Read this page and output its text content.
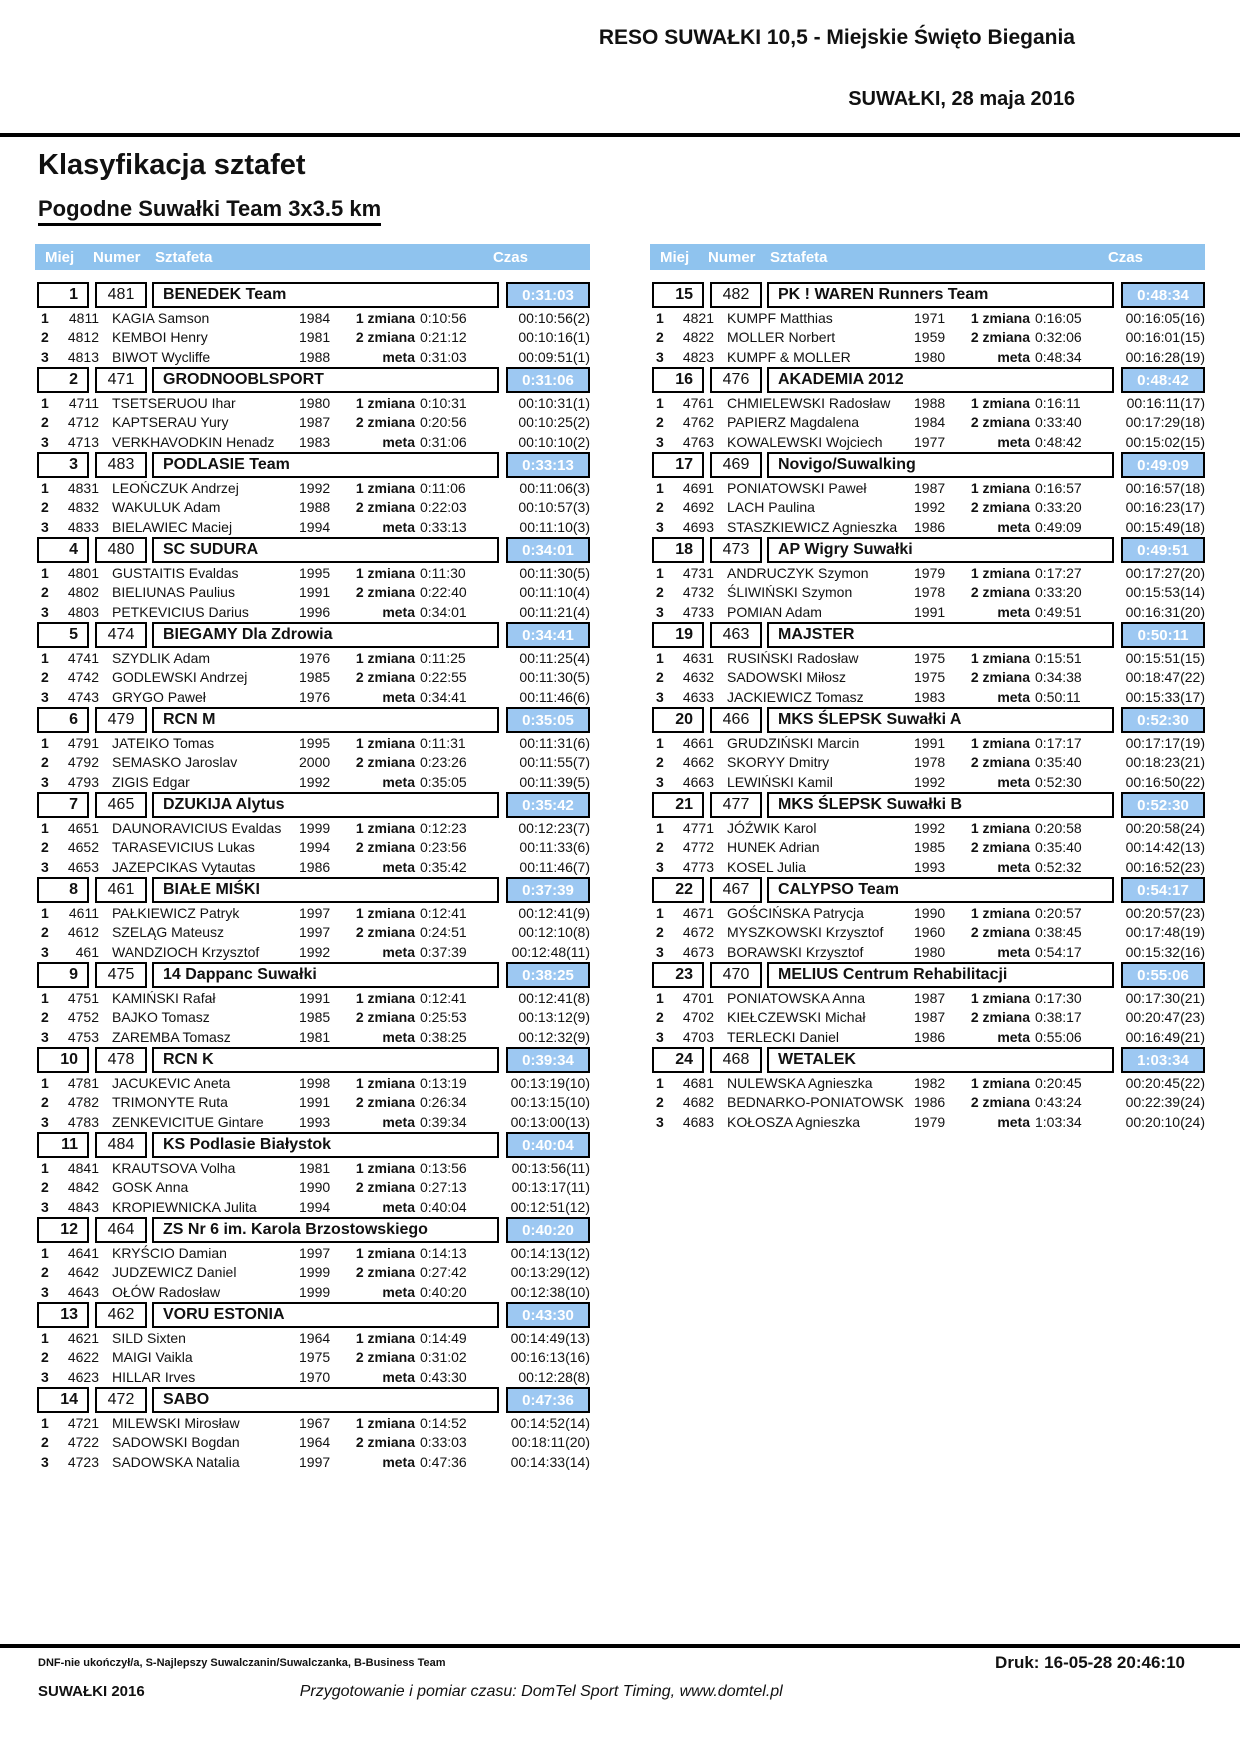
RESO SUWAŁKI 10,5 - Miejskie Święto Biegania
SUWAŁKI, 28 maja 2016
Klasyfikacja sztafet
Pogodne Suwałki Team 3x3.5 km
Miej	Numer Sztafeta	Czas
1	481	BENEDEK Team	0:31:03
1	4811 KAGIA Samson	1984	1 zmiana 0:10:56	00:10:56(2)
2	4812 KEMBOI Henry	1981	2 zmiana 0:21:12	00:10:16(1)
3	4813 BIWOT Wycliffe	1988	meta 0:31:03	00:09:51(1)
2	471	GRODNOOBLSPORT	0:31:06
1	4711 TSETSERUOU Ihar	1980	1 zmiana 0:10:31	00:10:31(1)
2	4712 KAPTSERAU Yury	1987	2 zmiana 0:20:56	00:10:25(2)
3	4713 VERKHAVODKIN Henadz	1983	meta 0:31:06	00:10:10(2)
3	483	PODLASIE Team	0:33:13
1	4831 LEOŃCZUK Andrzej	1992	1 zmiana 0:11:06	00:11:06(3)
2	4832 WAKULUK Adam	1988	2 zmiana 0:22:03	00:10:57(3)
3	4833 BIELAWIEC Maciej	1994	meta 0:33:13	00:11:10(3)
4	480	SC SUDURA	0:34:01
1	4801 GUSTAITIS Evaldas	1995	1 zmiana 0:11:30	00:11:30(5)
2	4802 BIELIUNAS Paulius	1991	2 zmiana 0:22:40	00:11:10(4)
3	4803 PETKEVICIUS Darius	1996	meta 0:34:01	00:11:21(4)
5	474	BIEGAMY Dla Zdrowia	0:34:41
1	4741 SZYDLIK Adam	1976	1 zmiana 0:11:25	00:11:25(4)
2	4742 GODLEWSKI Andrzej	1985	2 zmiana 0:22:55	00:11:30(5)
3	4743 GRYGO Paweł	1976	meta 0:34:41	00:11:46(6)
6	479	RCN M	0:35:05
1	4791 JATEIKO Tomas	1995	1 zmiana 0:11:31	00:11:31(6)
2	4792 SEMASKO Jaroslav	2000	2 zmiana 0:23:26	00:11:55(7)
3	4793 ZIGIS Edgar	1992	meta 0:35:05	00:11:39(5)
7	465	DZUKIJA Alytus	0:35:42
1	4651 DAUNORAVICIUS Evaldas	1999	1 zmiana 0:12:23	00:12:23(7)
2	4652 TARASEVICIUS Lukas	1994	2 zmiana 0:23:56	00:11:33(6)
3	4653 JAZEPCIKAS Vytautas	1986	meta 0:35:42	00:11:46(7)
8	461	BIAŁE MIŚKI	0:37:39
1	4611 PAŁKIEWICZ Patryk	1997	1 zmiana 0:12:41	00:12:41(9)
2	4612 SZELĄG Mateusz	1997	2 zmiana 0:24:51	00:12:10(8)
3	461 WANDZIOCH Krzysztof	1992	meta 0:37:39	00:12:48(11)
9	475	14 Dappanc Suwałki	0:38:25
1	4751 KAMIŃSKI Rafał	1991	1 zmiana 0:12:41	00:12:41(8)
2	4752 BAJKO Tomasz	1985	2 zmiana 0:25:53	00:13:12(9)
3	4753 ZAREMBA Tomasz	1981	meta 0:38:25	00:12:32(9)
10	478	RCN K	0:39:34
1	4781 JACUKEVIC Aneta	1998	1 zmiana 0:13:19	00:13:19(10)
2	4782 TRIMONYTE Ruta	1991	2 zmiana 0:26:34	00:13:15(10)
3	4783 ZENKEVICITUE Gintare	1993	meta 0:39:34	00:13:00(13)
11	484	KS Podlasie Białystok	0:40:04
1	4841 KRAUTSOVA Volha	1981	1 zmiana 0:13:56	00:13:56(11)
2	4842 GOSK Anna	1990	2 zmiana 0:27:13	00:13:17(11)
3	4843 KROPIEWNICKA Julita	1994	meta 0:40:04	00:12:51(12)
12	464	ZS Nr 6 im. Karola Brzostowskiego	0:40:20
1	4641 KRYŚCIO Damian	1997	1 zmiana 0:14:13	00:14:13(12)
2	4642 JUDZEWICZ Daniel	1999	2 zmiana 0:27:42	00:13:29(12)
3	4643 OŁÓW Radosław	1999	meta 0:40:20	00:12:38(10)
13	462	VORU ESTONIA	0:43:30
1	4621 SILD Sixten	1964	1 zmiana 0:14:49	00:14:49(13)
2	4622 MAIGI Vaikla	1975	2 zmiana 0:31:02	00:16:13(16)
3	4623 HILLAR Irves	1970	meta 0:43:30	00:12:28(8)
14	472	SABO	0:47:36
1	4721 MILEWSKI Mirosław	1967	1 zmiana 0:14:52	00:14:52(14)
2	4722 SADOWSKI Bogdan	1964	2 zmiana 0:33:03	00:18:11(20)
3	4723 SADOWSKA Natalia	1997	meta 0:47:36	00:14:33(14)
Miej	Numer Sztafeta	Czas
15	482	PK ! WAREN Runners Team	0:48:34
1	4821 KUMPF Matthias	1971	1 zmiana 0:16:05	00:16:05(16)
2	4822 MOLLER Norbert	1959	2 zmiana 0:32:06	00:16:01(15)
3	4823 KUMPF & MOLLER	1980	meta 0:48:34	00:16:28(19)
16	476	AKADEMIA 2012	0:48:42
1	4761 CHMIELEWSKI Radosław	1988	1 zmiana 0:16:11	00:16:11(17)
2	4762 PAPIERZ Magdalena	1984	2 zmiana 0:33:40	00:17:29(18)
3	4763 KOWALEWSKI Wojciech	1977	meta 0:48:42	00:15:02(15)
17	469	Novigo/Suwalking	0:49:09
1	4691 PONIATOWSKI Paweł	1987	1 zmiana 0:16:57	00:16:57(18)
2	4692 LACH Paulina	1992	2 zmiana 0:33:20	00:16:23(17)
3	4693 STASZKIEWICZ Agnieszka	1986	meta 0:49:09	00:15:49(18)
18	473	AP Wigry Suwałki	0:49:51
1	4731 ANDRUCZYK Szymon	1979	1 zmiana 0:17:27	00:17:27(20)
2	4732 ŚLIWIŃSKI Szymon	1978	2 zmiana 0:33:20	00:15:53(14)
3	4733 POMIAN Adam	1991	meta 0:49:51	00:16:31(20)
19	463	MAJSTER	0:50:11
1	4631 RUSIŃSKI Radosław	1975	1 zmiana 0:15:51	00:15:51(15)
2	4632 SADOWSKI Miłosz	1975	2 zmiana 0:34:38	00:18:47(22)
3	4633 JACKIEWICZ Tomasz	1983	meta 0:50:11	00:15:33(17)
20	466	MKS ŚLEPSK Suwałki A	0:52:30
1	4661 GRUDZIŃSKI Marcin	1991	1 zmiana 0:17:17	00:17:17(19)
2	4662 SKORYY Dmitry	1978	2 zmiana 0:35:40	00:18:23(21)
3	4663 LEWIŃSKI Kamil	1992	meta 0:52:30	00:16:50(22)
21	477	MKS ŚLEPSK Suwałki B	0:52:30
1	4771 JÓŹWIK Karol	1992	1 zmiana 0:20:58	00:20:58(24)
2	4772 HUNEK Adrian	1985	2 zmiana 0:35:40	00:14:42(13)
3	4773 KOSEL Julia	1993	meta 0:52:32	00:16:52(23)
22	467	CALYPSO Team	0:54:17
1	4671 GOŚCIŃSKA Patrycja	1990	1 zmiana 0:20:57	00:20:57(23)
2	4672 MYSZKOWSKI Krzysztof	1960	2 zmiana 0:38:45	00:17:48(19)
3	4673 BORAWSKI Krzysztof	1980	meta 0:54:17	00:15:32(16)
23	470	MELIUS Centrum Rehabilitacji	0:55:06
1	4701 PONIATOWSKA Anna	1987	1 zmiana 0:17:30	00:17:30(21)
2	4702 KIEŁCZEWSKI Michał	1987	2 zmiana 0:38:17	00:20:47(23)
3	4703 TERLECKI Daniel	1986	meta 0:55:06	00:16:49(21)
24	468	WETALEK	1:03:34
1	4681 NULEWSKA Agnieszka	1982	1 zmiana 0:20:45	00:20:45(22)
2	4682 BEDNARKO-PONIATOWSK 1986	2 zmiana 0:43:24	00:22:39(24)
3	4683 KOŁOSZA Agnieszka	1979	meta 1:03:34	00:20:10(24)
DNF-nie ukończył/a, S-Najlepszy Suwalczanin/Suwalczanka, B-Business Team	Druk: 16-05-28 20:46:10
SUWAŁKI 2016	Przygotowanie i pomiar czasu: DomTel Sport Timing, www.domtel.pl
